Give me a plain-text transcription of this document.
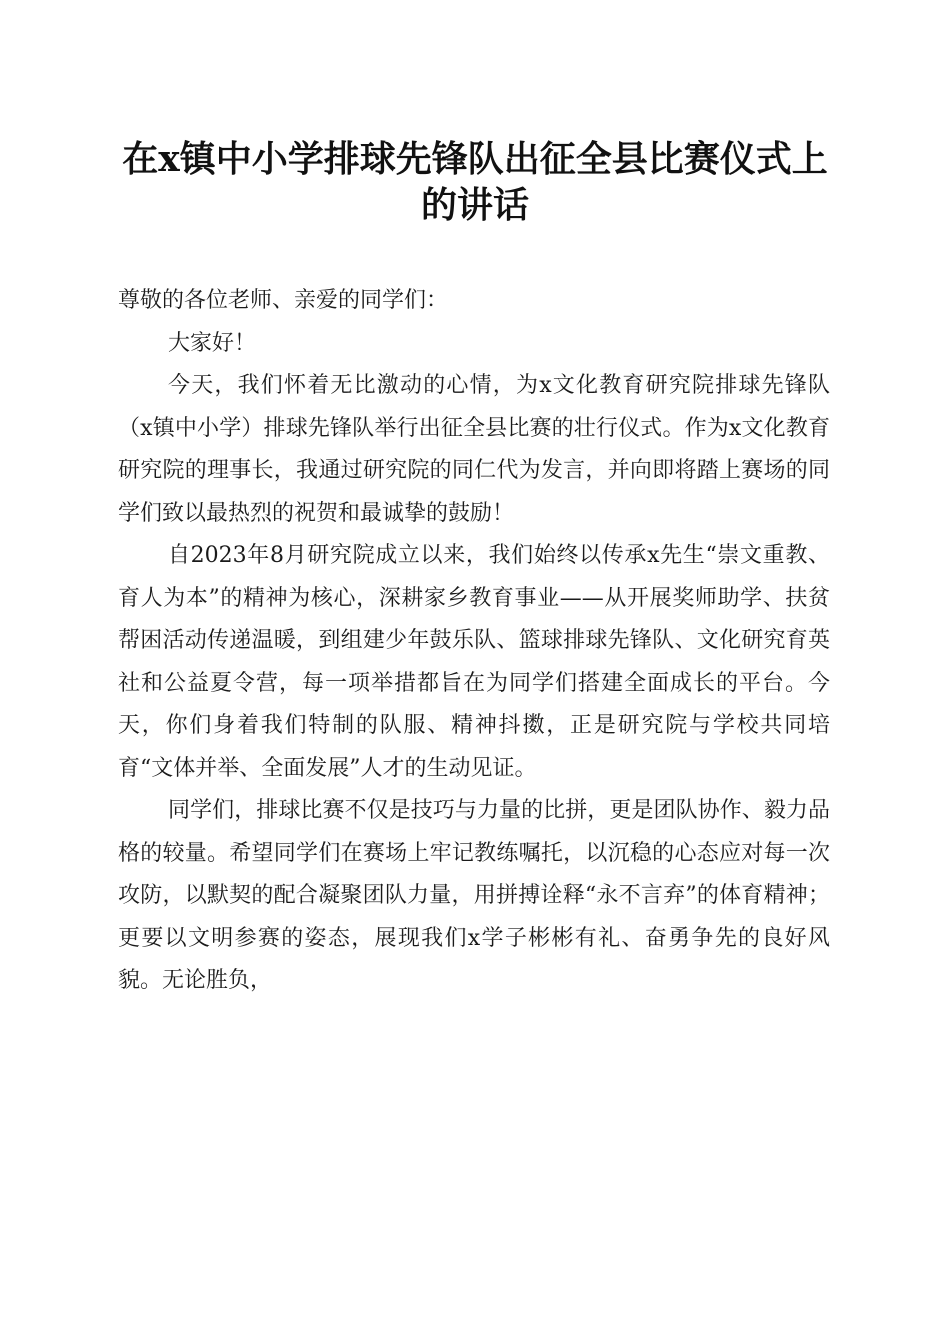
在x镇中小学排球先锋队出征全县比赛仪式上
的讲话

尊敬的各位老师、亲爱的同学们：

大家好！

今天，我们怀着无比激动的心情，为x文化教育研究院排球先锋队（x镇中小学）排球先锋队举行出征全县比赛的壮行仪式。作为x文化教育研究院的理事长，我通过研究院的同仁代为发言，并向即将踏上赛场的同学们致以最热烈的祝贺和最诚挚的鼓励！

自2023年8月研究院成立以来，我们始终以传承x先生“崇文重教、育人为本”的精神为核心，深耕家乡教育事业——从开展奖师助学、扶贫帮困活动传递温暖，到组建少年鼓乐队、篮球排球先锋队、文化研究育英社和公益夏令营，每一项举措都旨在为同学们搭建全面成长的平台。今天，你们身着我们特制的队服、精神抖擞，正是研究院与学校共同培育“文体并举、全面发展”人才的生动见证。

同学们，排球比赛不仅是技巧与力量的比拼，更是团队协作、毅力品格的较量。希望同学们在赛场上牢记教练嘱托，以沉稳的心态应对每一次攻防，以默契的配合凝聚团队力量，用拼搏诠释“永不言弃”的体育精神；更要以文明参赛的姿态，展现我们x学子彬彬有礼、奋勇争先的良好风貌。无论胜负，
